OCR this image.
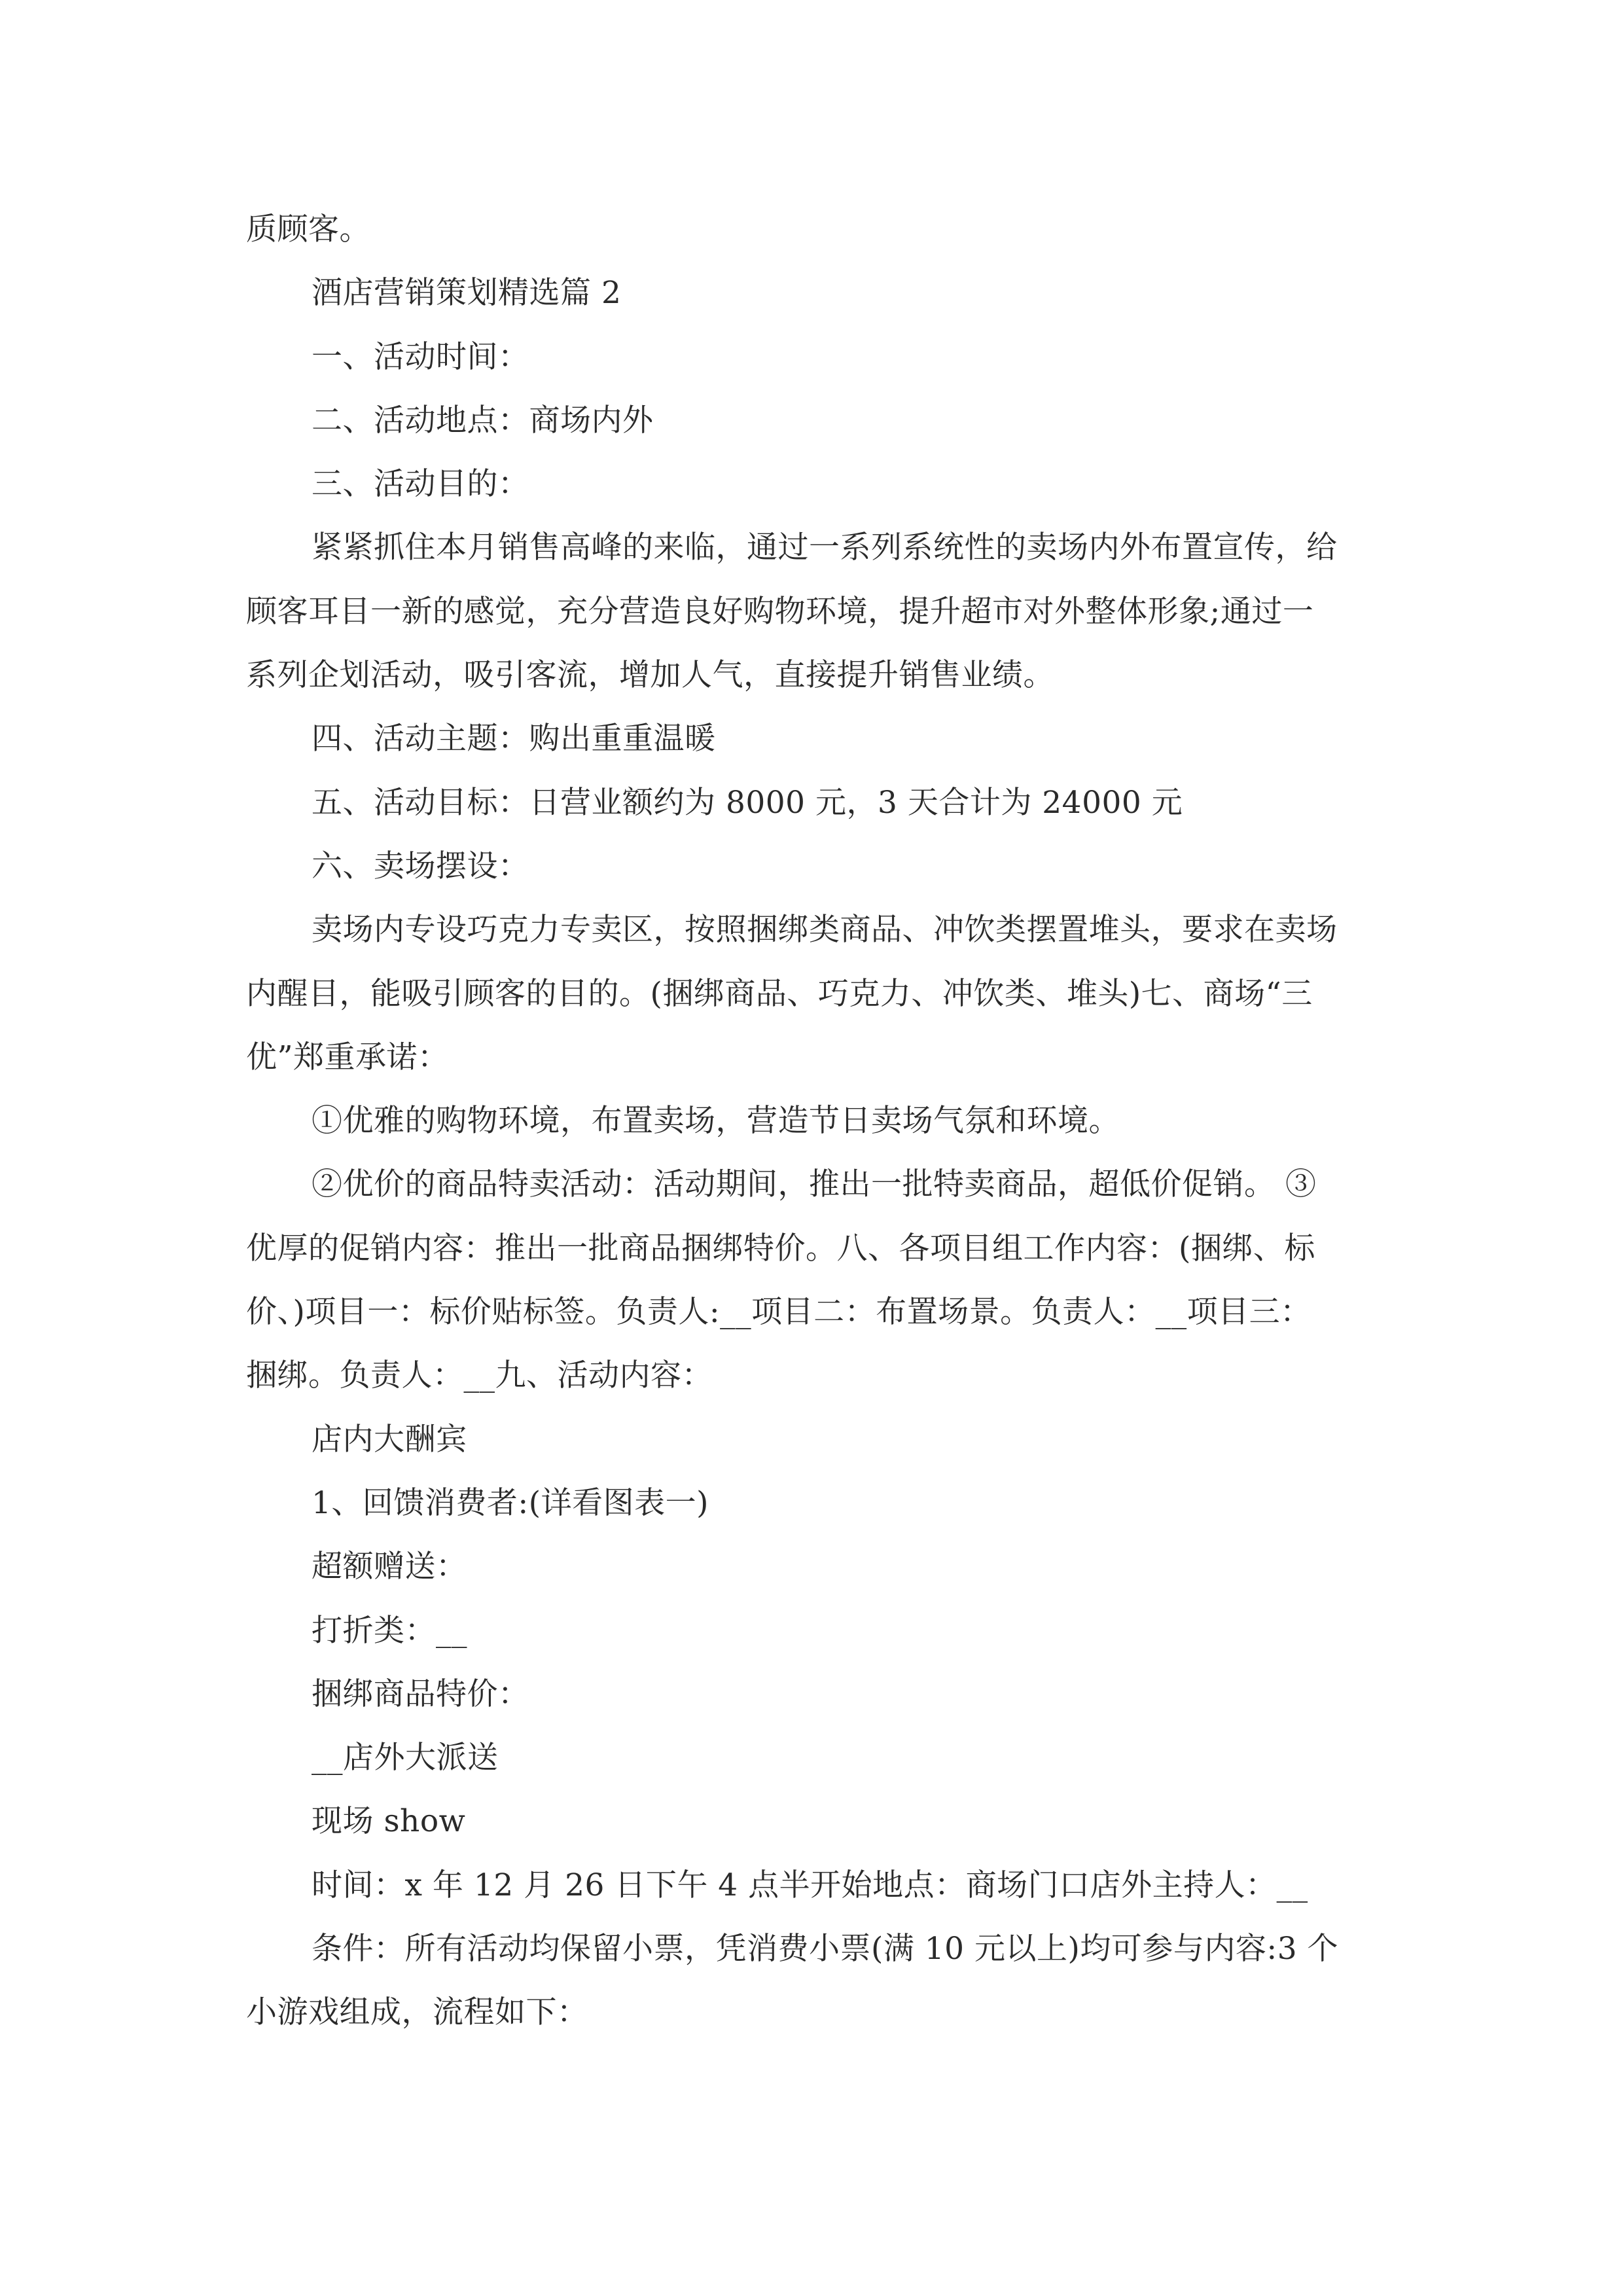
质顾客。
酒店营销策划精选篇 2
一、活动时间：
二、活动地点：商场内外
三、活动目的：
紧紧抓住本月销售高峰的来临，通过一系列系统性的卖场内外布置宣传，给
顾客耳目一新的感觉，充分营造良好购物环境，提升超市对外整体形象;通过一
系列企划活动，吸引客流，增加人气，直接提升销售业绩。
四、活动主题：购出重重温暖
五、活动目标：日营业额约为 8000 元，3 天合计为 24000 元
六、卖场摆设：
卖场内专设巧克力专卖区，按照捆绑类商品、冲饮类摆置堆头，要求在卖场
内醒目，能吸引顾客的目的。(捆绑商品、巧克力、冲饮类、堆头)七、商场“三
优”郑重承诺：
①优雅的购物环境，布置卖场，营造节日卖场气氛和环境。
②优价的商品特卖活动：活动期间，推出一批特卖商品，超低价促销。 ③
优厚的促销内容：推出一批商品捆绑特价。八、各项目组工作内容：(捆绑、标
价、)项目一：标价贴标签。负责人:__项目二：布置场景。负责人：__项目三：
捆绑。负责人：__九、活动内容：
店内大酬宾
1、回馈消费者:(详看图表一)
超额赠送：
打折类：__
捆绑商品特价：
__店外大派送
现场 show
时间：x 年 12 月 26 日下午 4 点半开始地点：商场门口店外主持人：__
条件：所有活动均保留小票，凭消费小票(满 10 元以上)均可参与内容:3 个
小游戏组成，流程如下：
